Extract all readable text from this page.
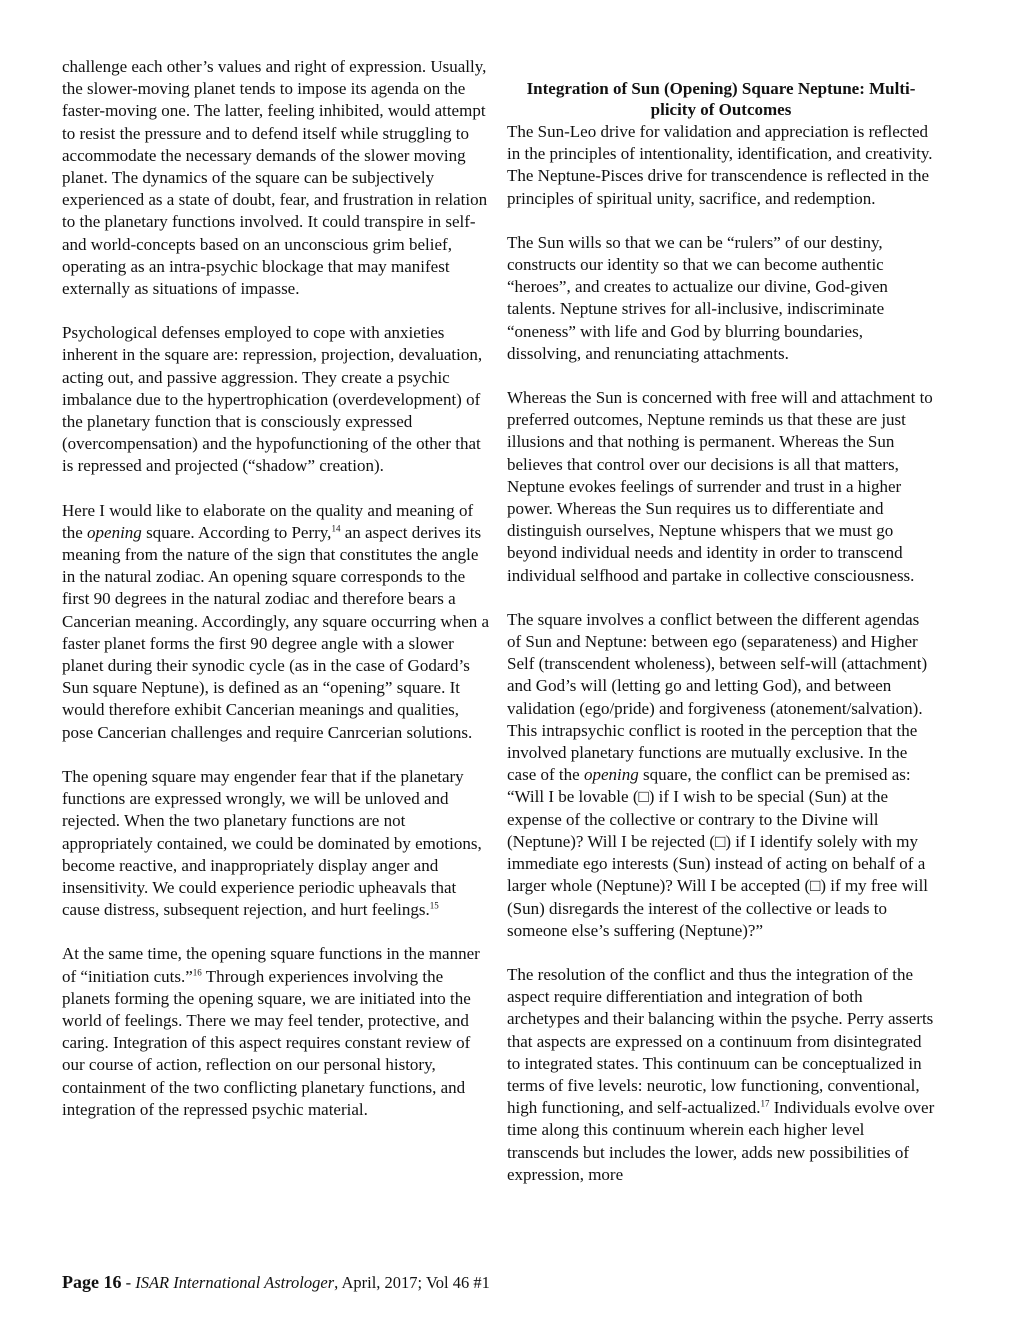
challenge each other’s values and right of expression. Usually, the slower-moving planet tends to impose its agenda on the faster-moving one. The latter, feeling inhibited, would attempt to resist the pressure and to defend itself while struggling to accommodate the necessary demands of the slower moving planet. The dynamics of the square can be subjectively experienced as a state of doubt, fear, and frustration in relation to the planetary functions involved. It could transpire in self- and world-concepts based on an unconscious grim belief, operating as an intra-psychic blockage that may manifest externally as situations of impasse.

Psychological defenses employed to cope with anxieties inherent in the square are: repression, projection, devaluation, acting out, and passive aggression. They create a psychic imbalance due to the hypertrophication (overdevelopment) of the planetary function that is consciously expressed (overcompensation) and the hypofunctioning of the other that is repressed and projected (“shadow” creation).

Here I would like to elaborate on the quality and meaning of the opening square. According to Perry,$^{14}$ an aspect derives its meaning from the nature of the sign that constitutes the angle in the natural zodiac. An opening square corresponds to the first 90 degrees in the natural zodiac and therefore bears a Cancerian meaning. Accordingly, any square occurring when a faster planet forms the first 90 degree angle with a slower planet during their synodic cycle (as in the case of Godard’s Sun square Neptune), is defined as an “opening” square. It would therefore exhibit Cancerian meanings and qualities, pose Cancerian challenges and require Canrcerian solutions.

The opening square may engender fear that if the planetary functions are expressed wrongly, we will be unloved and rejected. When the two planetary functions are not appropriately contained, we could be dominated by emotions, become reactive, and inappropriately display anger and insensitivity. We could experience periodic upheavals that cause distress, subsequent rejection, and hurt feelings.$^{15}$

At the same time, the opening square functions in the manner of “initiation cuts.”$^{16}$ Through experiences involving the planets forming the opening square, we are initiated into the world of feelings. There we may feel tender, protective, and caring. Integration of this aspect requires constant review of our course of action, reflection on our personal history, containment of the two conflicting planetary functions, and integration of the repressed psychic material.

Integration of Sun (Opening) Square Neptune: Multiplicity of Outcomes

The Sun-Leo drive for validation and appreciation is reflected in the principles of intentionality, identification, and creativity. The Neptune-Pisces drive for transcendence is reflected in the principles of spiritual unity, sacrifice, and redemption.

The Sun wills so that we can be “rulers” of our destiny, constructs our identity so that we can become authentic “heroes”, and creates to actualize our divine, God-given talents. Neptune strives for all-inclusive, indiscriminate “oneness” with life and God by blurring boundaries, dissolving, and renunciating attachments.

Whereas the Sun is concerned with free will and attachment to preferred outcomes, Neptune reminds us that these are just illusions and that nothing is permanent. Whereas the Sun believes that control over our decisions is all that matters, Neptune evokes feelings of surrender and trust in a higher power. Whereas the Sun requires us to differentiate and distinguish ourselves, Neptune whispers that we must go beyond individual needs and identity in order to transcend individual selfhood and partake in collective consciousness.

The square involves a conflict between the different agendas of Sun and Neptune: between ego (separateness) and Higher Self (transcendent wholeness), between self-will (attachment) and God’s will (letting go and letting God), and between validation (ego/pride) and forgiveness (atonement/salvation). This intrapsychic conflict is rooted in the perception that the involved planetary functions are mutually exclusive. In the case of the opening square, the conflict can be premised as: “Will I be lovable (□) if I wish to be special (Sun) at the expense of the collective or contrary to the Divine will (Neptune)? Will I be rejected (□) if I identify solely with my immediate ego interests (Sun) instead of acting on behalf of a larger whole (Neptune)? Will I be accepted (□) if my free will (Sun) disregards the interest of the collective or leads to someone else’s suffering (Neptune)?”

The resolution of the conflict and thus the integration of the aspect require differentiation and integration of both archetypes and their balancing within the psyche. Perry asserts that aspects are expressed on a continuum from disintegrated to integrated states. This continuum can be conceptualized in terms of five levels: neurotic, low functioning, conventional, high functioning, and self-actualized.$^{17}$ Individuals evolve over time along this continuum wherein each higher level transcends but includes the lower, adds new possibilities of expression, more

Page 16 - ISAR International Astrologer, April, 2017; Vol 46 #1
